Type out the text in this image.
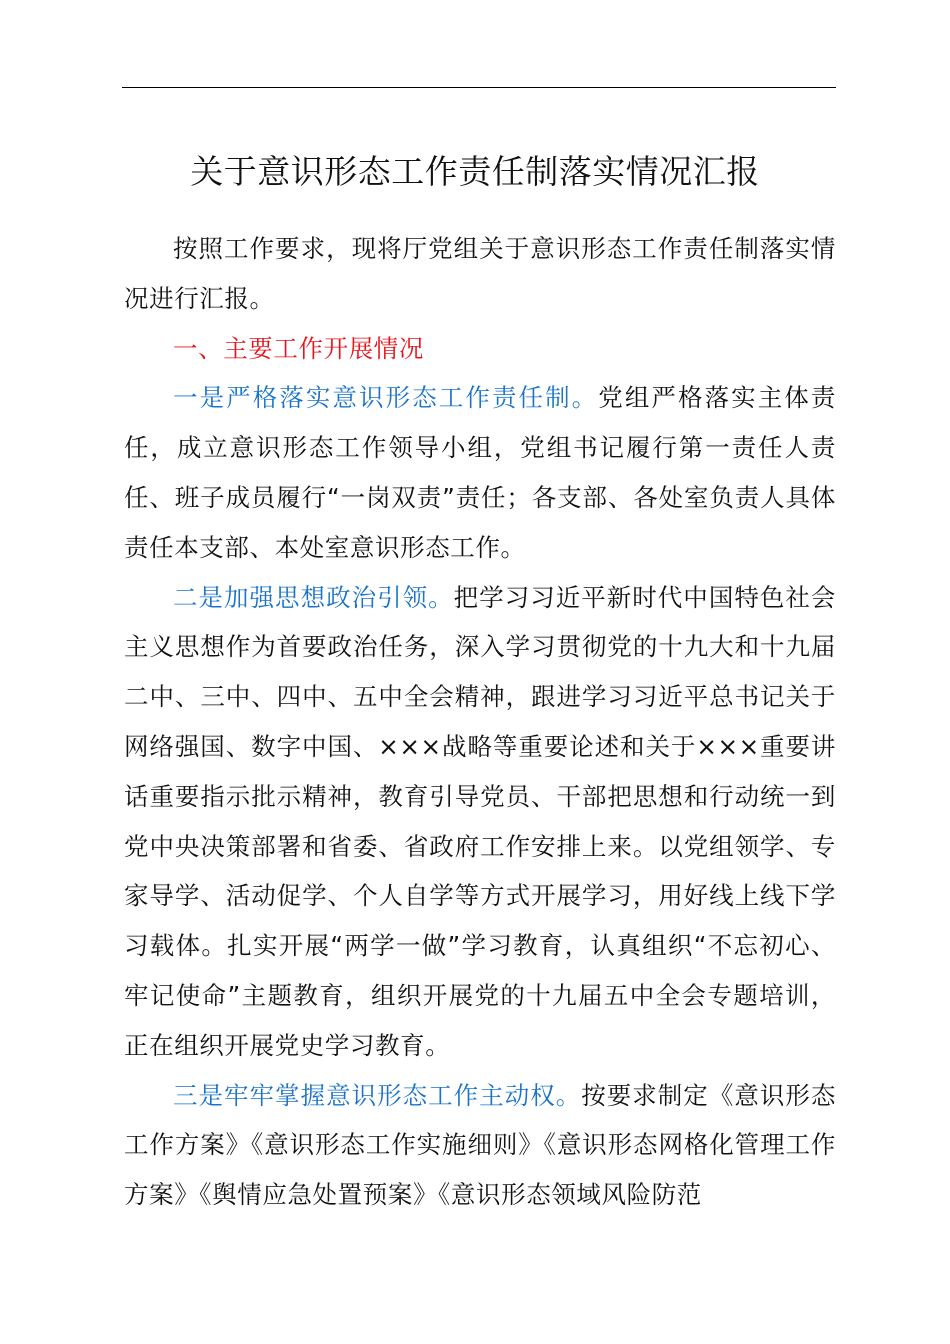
关于意识形态工作责任制落实情况汇报

按照工作要求，现将厅党组关于意识形态工作责任制落实情况进行汇报。

一、主要工作开展情况

一是严格落实意识形态工作责任制。党组严格落实主体责任，成立意识形态工作领导小组，党组书记履行第一责任人责任、班子成员履行“一岗双责”责任；各支部、各处室负责人具体责任本支部、本处室意识形态工作。

二是加强思想政治引领。把学习习近平新时代中国特色社会主义思想作为首要政治任务，深入学习贯彻党的十九大和十九届二中、三中、四中、五中全会精神，跟进学习习近平总书记关于网络强国、数字中国、×××战略等重要论述和关于×××重要讲话重要指示批示精神，教育引导党员、干部把思想和行动统一到党中央决策部署和省委、省政府工作安排上来。以党组领学、专家导学、活动促学、个人自学等方式开展学习，用好线上线下学习载体。扎实开展“两学一做”学习教育，认真组织“不忘初心、牢记使命”主题教育，组织开展党的十九届五中全会专题培训，正在组织开展党史学习教育。

三是牢牢掌握意识形态工作主动权。按要求制定《意识形态工作方案》《意识形态工作实施细则》《意识形态网格化管理工作方案》《舆情应急处置预案》《意识形态领域风险防范
